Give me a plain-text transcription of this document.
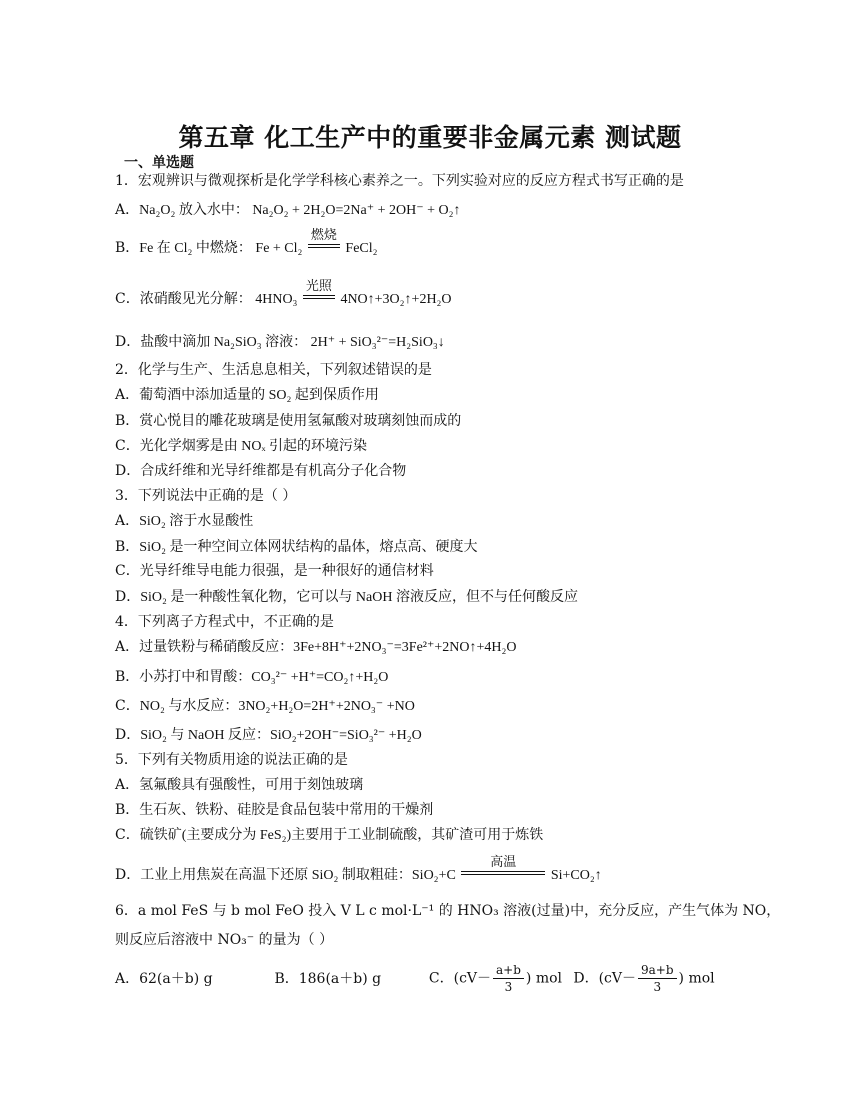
第五章 化工生产中的重要非金属元素 测试题
一、单选题
1．宏观辨识与微观探析是化学学科核心素养之一。下列实验对应的反应方程式书写正确的是
A．Na₂O₂ 放入水中： Na₂O₂ + 2H₂O=2Na⁺ + 2OH⁻ + O₂↑
B．Fe 在 Cl₂ 中燃烧： Fe + Cl₂
燃烧
FeCl₂
C．浓硝酸见光分解： 4HNO₃
光照
4NO↑+3O₂↑+2H₂O
D．盐酸中滴加 Na₂SiO₃ 溶液： 2H⁺ + SiO₃²⁻=H₂SiO₃↓
2．化学与生产、生活息息相关，下列叙述错误的是
A．葡萄酒中添加适量的 SO₂ 起到保质作用
B．赏心悦目的雕花玻璃是使用氢氟酸对玻璃刻蚀而成的
C．光化学烟雾是由 NOₓ 引起的环境污染
D．合成纤维和光导纤维都是有机高分子化合物
3．下列说法中正确的是（ ）
A．SiO₂ 溶于水显酸性
B．SiO₂ 是一种空间立体网状结构的晶体，熔点高、硬度大
C．光导纤维导电能力很强，是一种很好的通信材料
D．SiO₂ 是一种酸性氧化物，它可以与 NaOH 溶液反应，但不与任何酸反应
4．下列离子方程式中，不正确的是
A．过量铁粉与稀硝酸反应：3Fe+8H⁺+2NO₃⁻=3Fe²⁺+2NO↑+4H₂O
B．小苏打中和胃酸：CO₃²⁻ +H⁺=CO₂↑+H₂O
C．NO₂ 与水反应：3NO₂+H₂O=2H⁺+2NO₃⁻ +NO
D．SiO₂ 与 NaOH 反应：SiO₂+2OH⁻=SiO₃²⁻ +H₂O
5．下列有关物质用途的说法正确的是
A．氢氟酸具有强酸性，可用于刻蚀玻璃
B．生石灰、铁粉、硅胶是食品包装中常用的干燥剂
C．硫铁矿(主要成分为 FeS₂)主要用于工业制硫酸，其矿渣可用于炼铁
D．工业上用焦炭在高温下还原 SiO₂ 制取粗硅：SiO₂+C
高温
Si+CO₂↑
6．a mol FeS 与 b mol FeO 投入 V L c mol·L⁻¹ 的 HNO₃ 溶液(过量)中，充分反应，产生气体为 NO，
则反应后溶液中 NO₃⁻ 的量为（ ）
A．62(a＋b) g	B．186(a＋b) g	C．($cV- \frac{a+b}{3}$ ) mol D．($cV- \frac{9a+b}{3}$ ) mol
